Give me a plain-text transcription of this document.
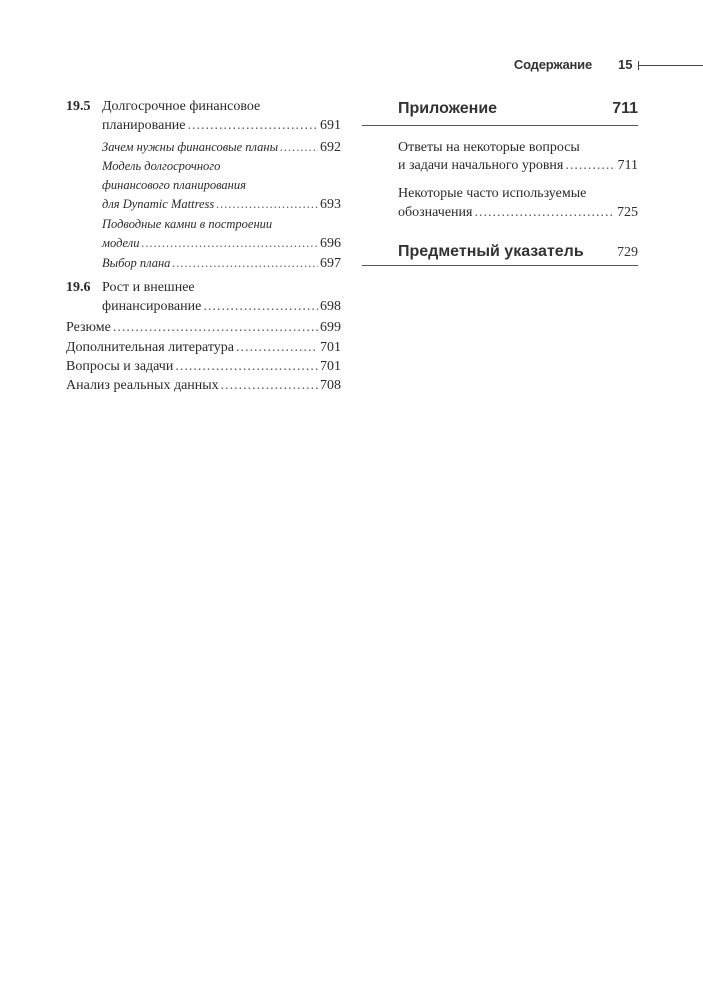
Содержание 15
19.5 Долгосрочное финансовое
планирование .....	691
Зачем нужны финансовые планы .....	692
Модель долгосрочного
финансового планирования
для Dynamic Mattress .....	693
Подводные камни в построении
модели .....	696
Выбор плана .....	697
19.6 Рост и внешнее
финансирование .....	698
Резюме .....	699
Дополнительная литература .....	701
Вопросы и задачи .....	701
Анализ реальных данных .....	708
Приложение	711
Ответы на некоторые вопросы
и задачи начального уровня .....	711
Некоторые часто используемые
обозначения .....	725
Предметный указатель 729
